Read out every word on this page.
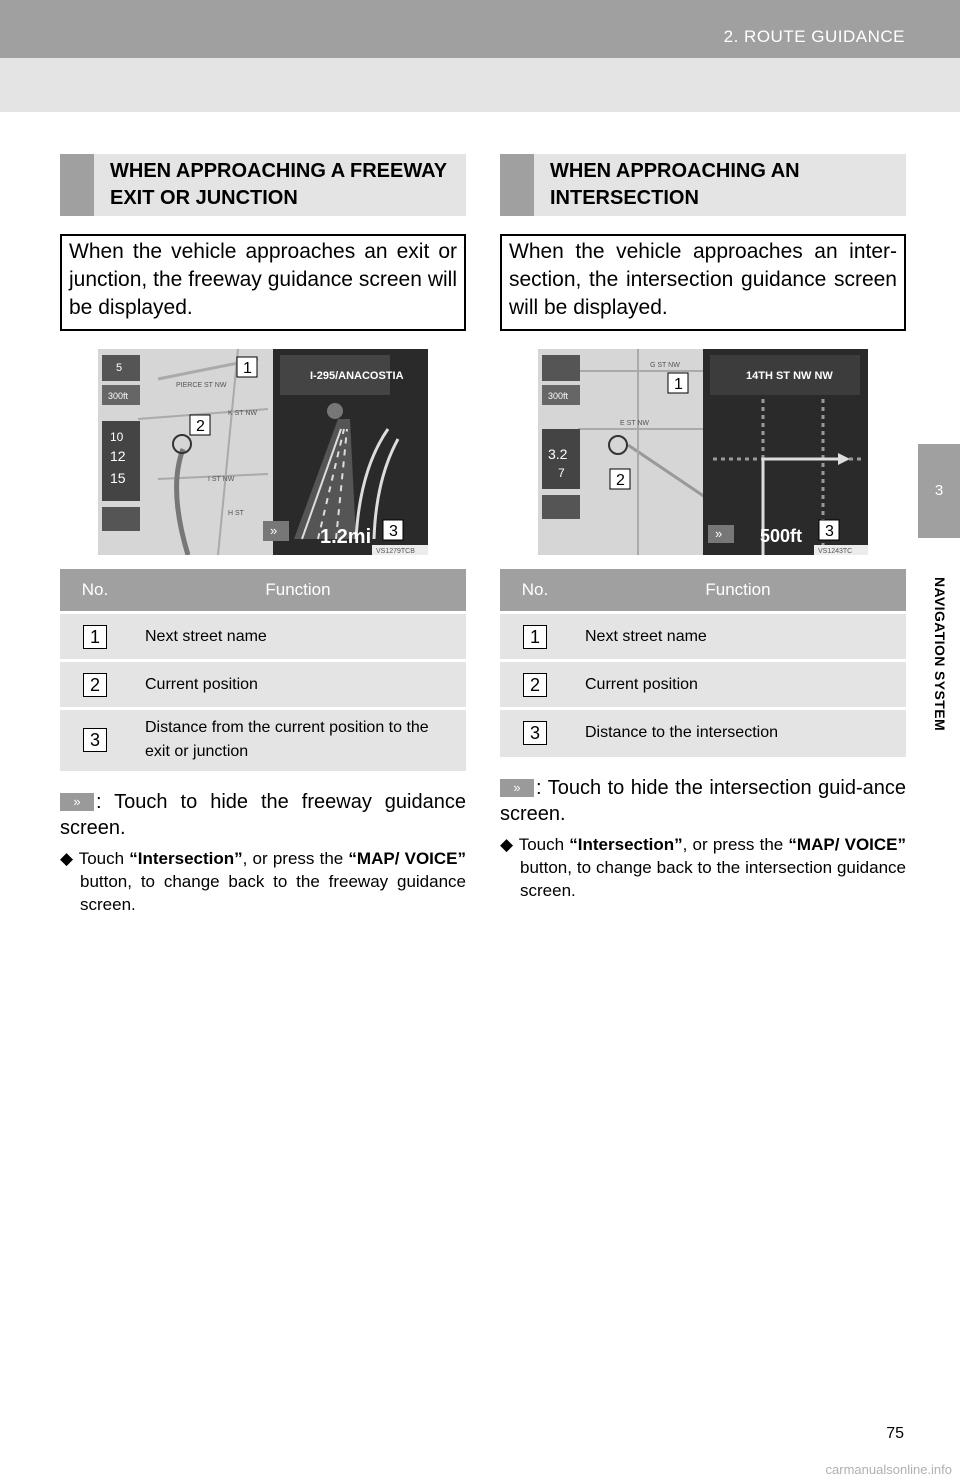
2. ROUTE GUIDANCE
3
NAVIGATION SYSTEM
WHEN APPROACHING A FREEWAY EXIT OR JUNCTION
When the vehicle approaches an exit or junction, the freeway guidance screen will be displayed.
PIERCE ST NW
K ST NW
I ST NW
H ST
300ft
5
10
12
15
I-295/ANACOSTIA
» 1.2mi
VS1279TCB
1
2
3
No.	Function
1	Next street name
2	Current position
3	Distance from the current position to the exit or junction
» : Touch to hide the freeway guidance screen.
◆ Touch “Intersection”, or press the “MAP/ VOICE” button, to change back to the freeway guidance screen.
WHEN APPROACHING AN INTERSECTION
When the vehicle approaches an inter-section, the intersection guidance screen will be displayed.
G ST NW
E ST NW
300ft
3.2
7
14TH ST NW NW
» 500ft
VS1243TC
1
2
3
No.	Function
1	Next street name
2	Current position
3	Distance to the intersection
» : Touch to hide the intersection guid-ance screen.
◆ Touch “Intersection”, or press the “MAP/ VOICE” button, to change back to the intersection guidance screen.
75
carmanualsonline.info
